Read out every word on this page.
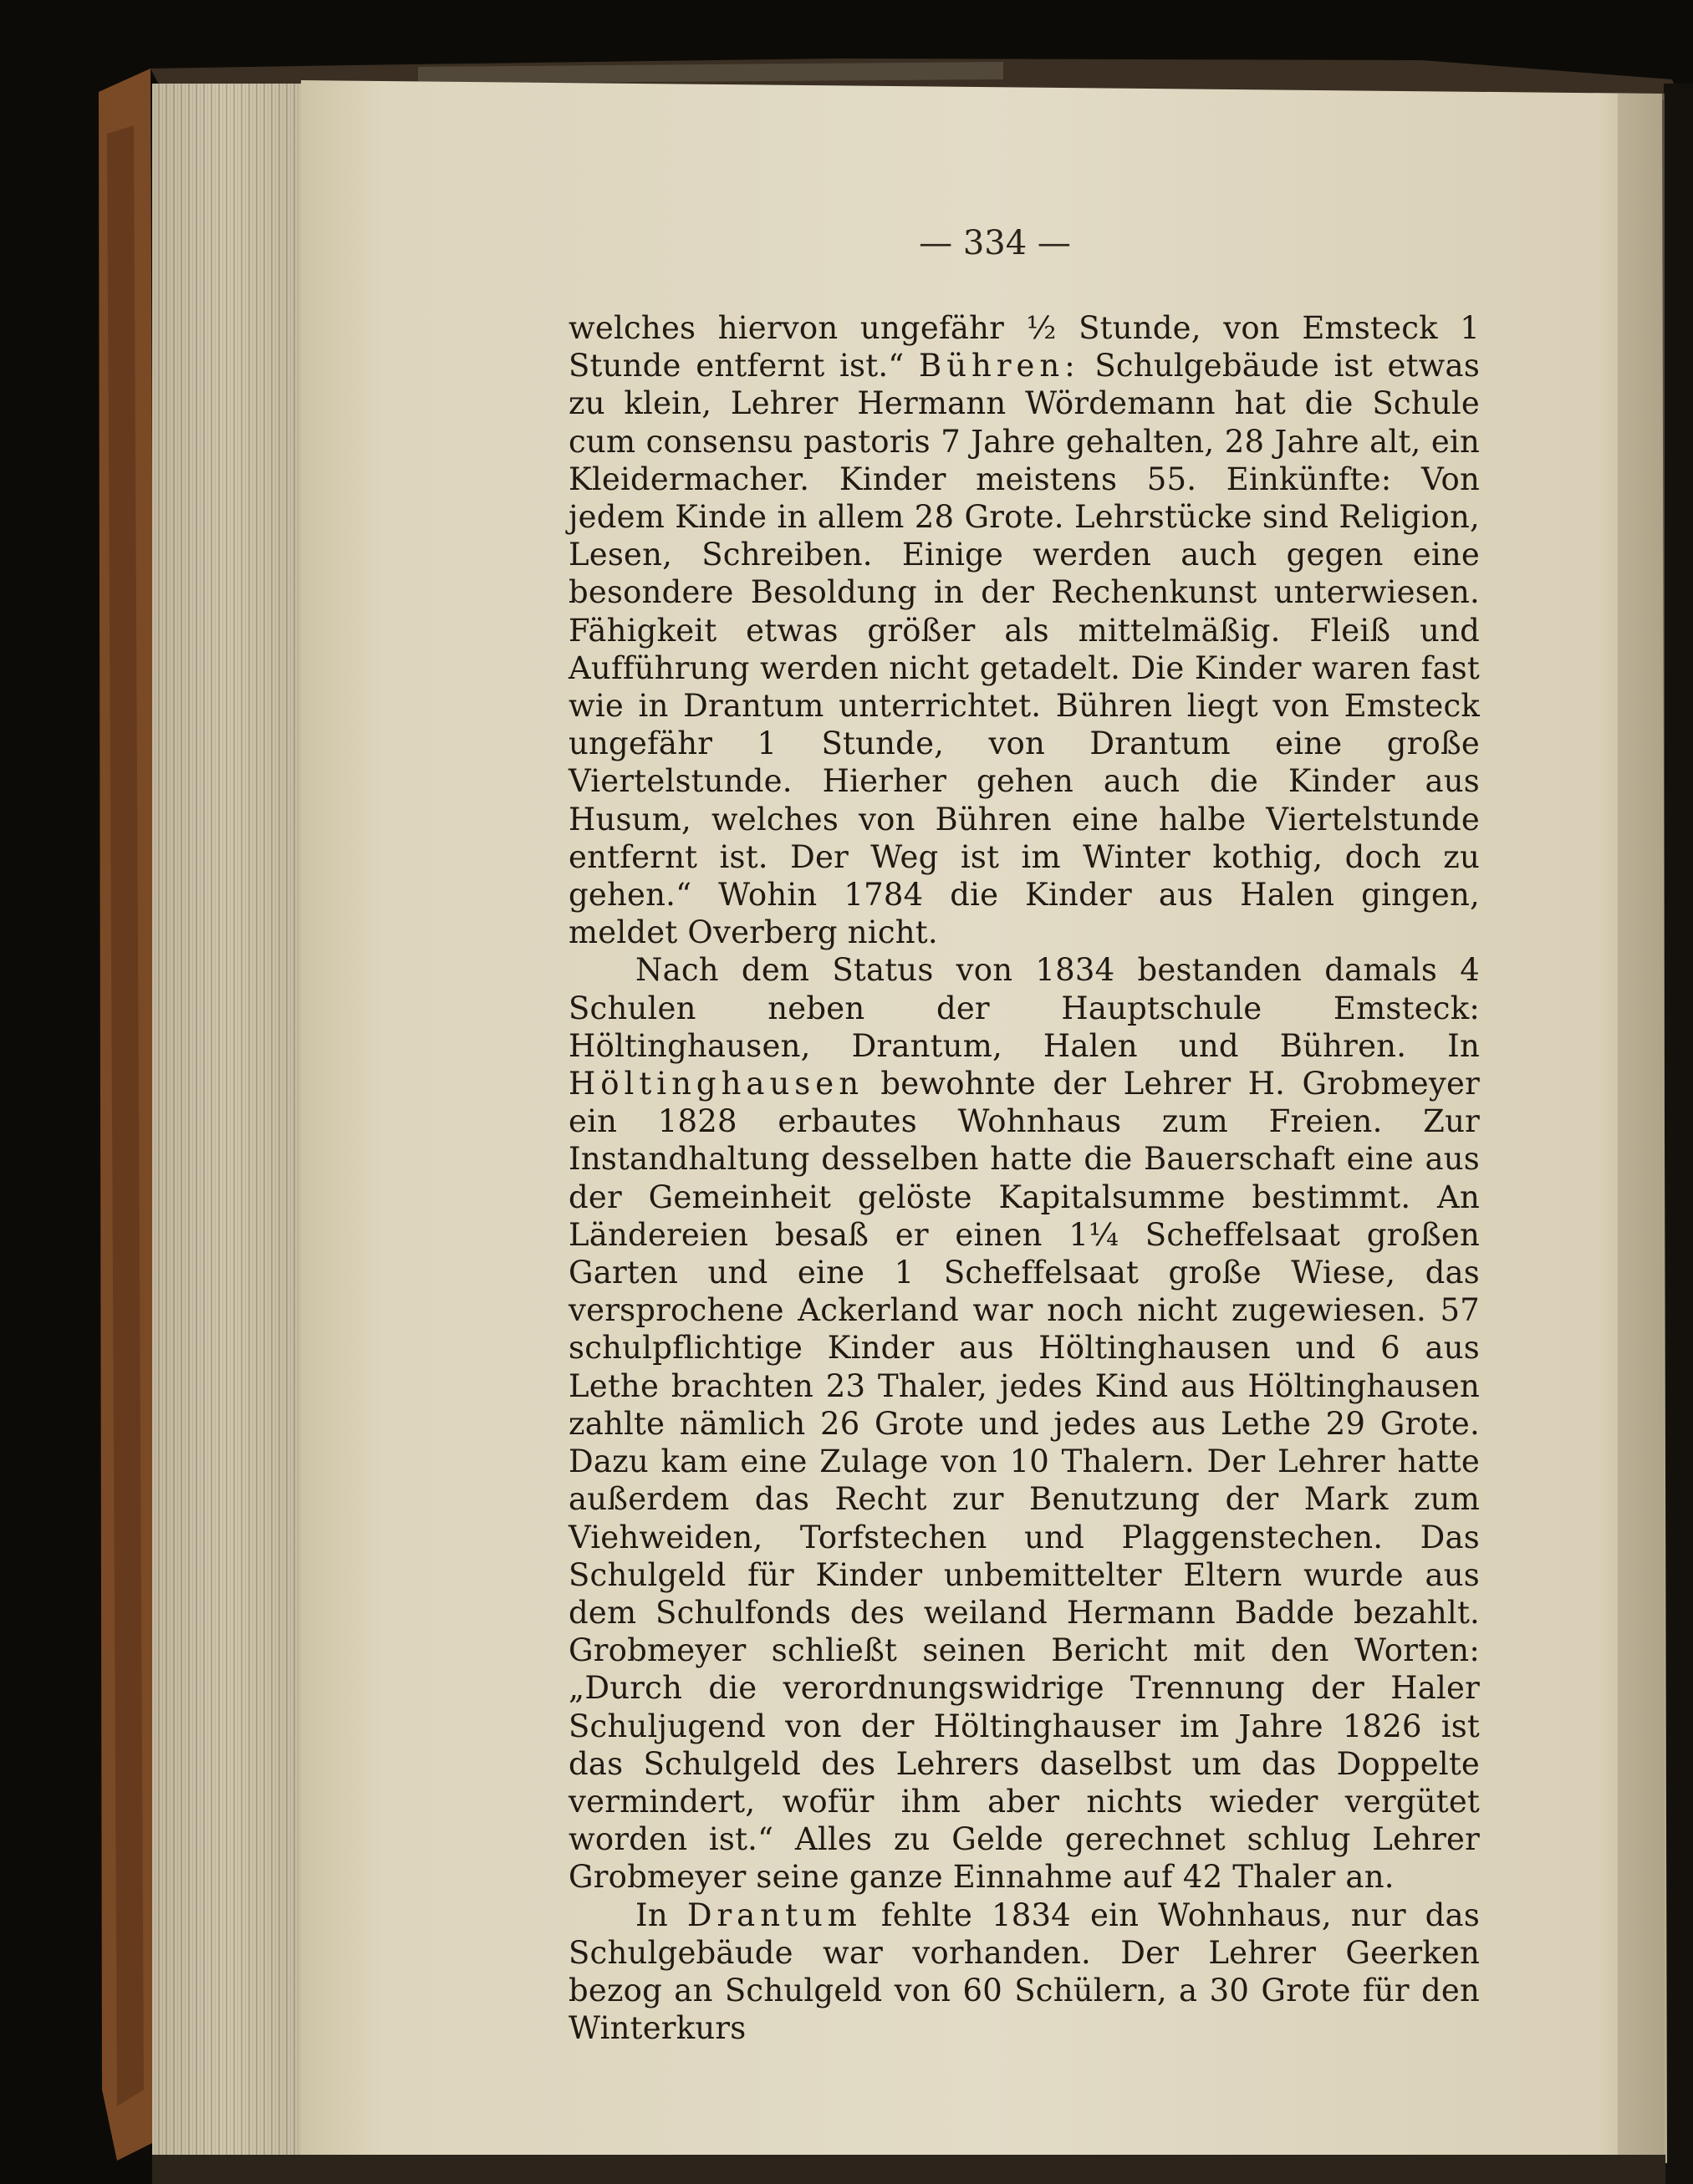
— 334 —

welches hiervon ungefähr ½ Stunde, von Emsteck 1 Stunde entfernt ist.“ Bühren: Schulgebäude ist etwas zu klein, Lehrer Hermann Wördemann hat die Schule cum consensu pastoris 7 Jahre gehalten, 28 Jahre alt, ein Kleidermacher. Kinder meistens 55. Einkünfte: Von jedem Kinde in allem 28 Grote. Lehrstücke sind Religion, Lesen, Schreiben. Einige werden auch gegen eine besondere Besoldung in der Rechenkunst unterwiesen. Fähigkeit etwas größer als mittelmäßig. Fleiß und Aufführung werden nicht getadelt. Die Kinder waren fast wie in Drantum unterrichtet. Bühren liegt von Emsteck ungefähr 1 Stunde, von Drantum eine große Viertelstunde. Hierher gehen auch die Kinder aus Husum, welches von Bühren eine halbe Viertelstunde entfernt ist. Der Weg ist im Winter kothig, doch zu gehen.“ Wohin 1784 die Kinder aus Halen gingen, meldet Overberg nicht.

Nach dem Status von 1834 bestanden damals 4 Schulen neben der Hauptschule Emsteck: Höltinghausen, Drantum, Halen und Bühren. In Höltinghausen bewohnte der Lehrer H. Grobmeyer ein 1828 erbautes Wohnhaus zum Freien. Zur Instandhaltung desselben hatte die Bauerschaft eine aus der Gemeinheit gelöste Kapitalsumme bestimmt. An Ländereien besaß er einen 1¼ Scheffelsaat großen Garten und eine 1 Scheffelsaat große Wiese, das versprochene Ackerland war noch nicht zugewiesen. 57 schulpflichtige Kinder aus Höltinghausen und 6 aus Lethe brachten 23 Thaler, jedes Kind aus Höltinghausen zahlte nämlich 26 Grote und jedes aus Lethe 29 Grote. Dazu kam eine Zulage von 10 Thalern. Der Lehrer hatte außerdem das Recht zur Benutzung der Mark zum Viehweiden, Torfstechen und Plaggenstechen. Das Schulgeld für Kinder unbemittelter Eltern wurde aus dem Schulfonds des weiland Hermann Badde bezahlt. Grobmeyer schließt seinen Bericht mit den Worten: „Durch die verordnungswidrige Trennung der Haler Schuljugend von der Höltinghauser im Jahre 1826 ist das Schulgeld des Lehrers daselbst um das Doppelte vermindert, wofür ihm aber nichts wieder vergütet worden ist.“ Alles zu Gelde gerechnet schlug Lehrer Grobmeyer seine ganze Einnahme auf 42 Thaler an.

In Drantum fehlte 1834 ein Wohnhaus, nur das Schulgebäude war vorhanden. Der Lehrer Geerken bezog an Schulgeld von 60 Schülern, a 30 Grote für den Winterkurs
